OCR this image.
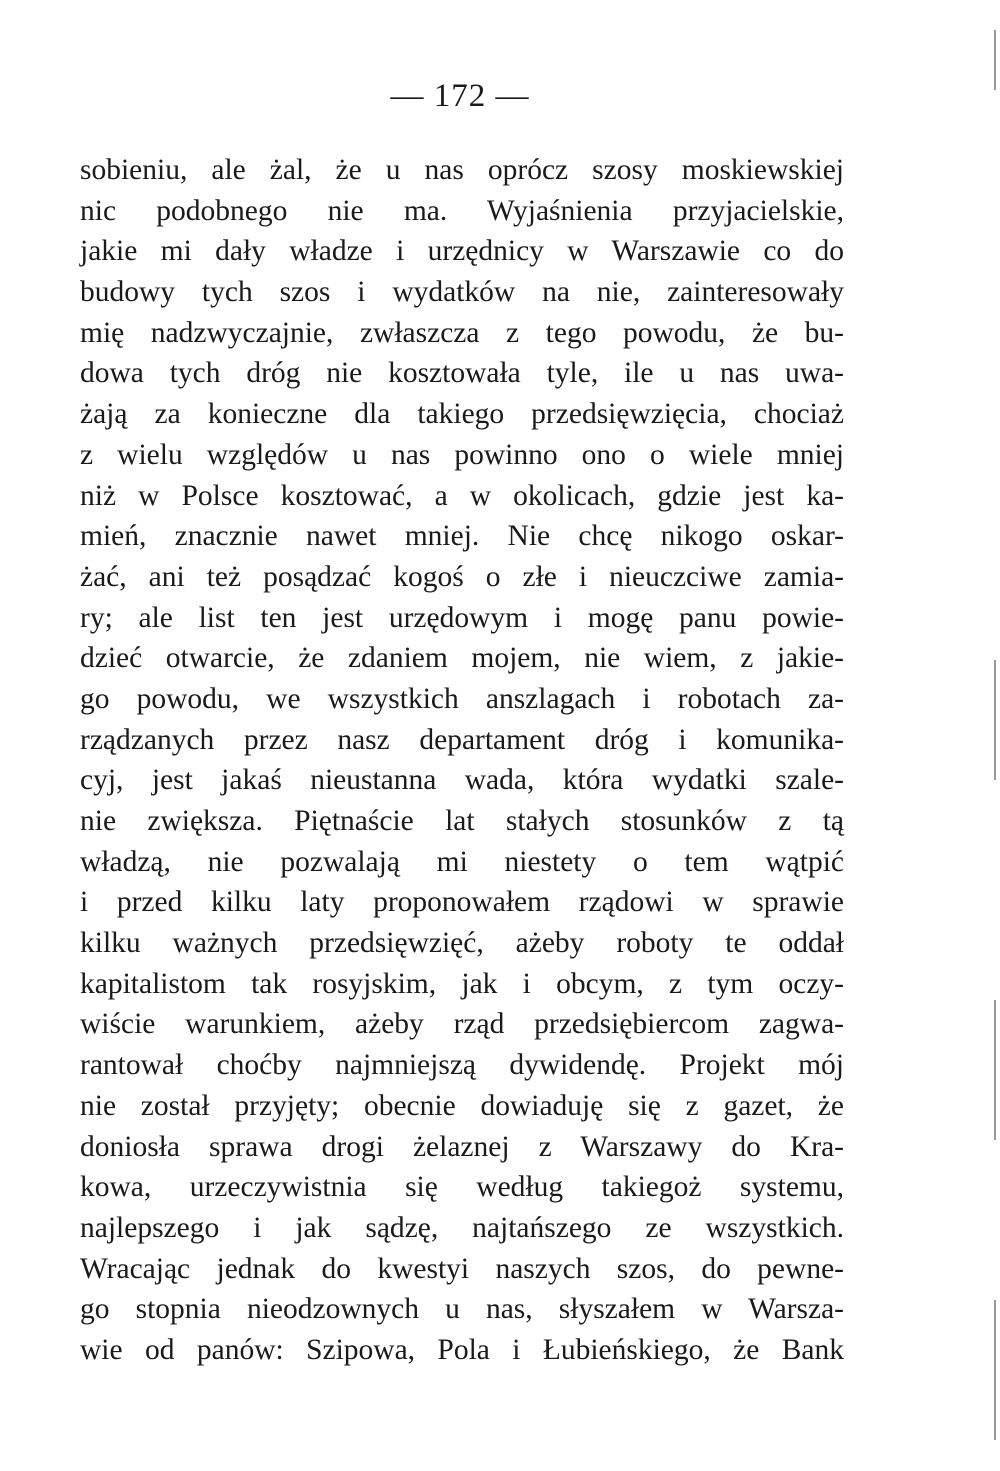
— 172 —
sobieniu, ale żal, że u nas oprócz szosy moskiewskiej
nic podobnego nie ma. Wyjaśnienia przyjacielskie,
jakie mi dały władze i urzędnicy w Warszawie co do
budowy tych szos i wydatków na nie, zainteresowały
mię nadzwyczajnie, zwłaszcza z tego powodu, że bu-
dowa tych dróg nie kosztowała tyle, ile u nas uwa-
żają za konieczne dla takiego przedsięwzięcia, chociaż
z wielu względów u nas powinno ono o wiele mniej
niż w Polsce kosztować, a w okolicach, gdzie jest ka-
mień, znacznie nawet mniej. Nie chcę nikogo oskar-
żać, ani też posądzać kogoś o złe i nieuczciwe zamia-
ry; ale list ten jest urzędowym i mogę panu powie-
dzieć otwarcie, że zdaniem mojem, nie wiem, z jakie-
go powodu, we wszystkich anszlagach i robotach za-
rządzanych przez nasz departament dróg i komunika-
cyj, jest jakaś nieustanna wada, która wydatki szale-
nie zwiększa. Piętnaście lat stałych stosunków z tą
władzą, nie pozwalają mi niestety o tem wątpić
i przed kilku laty proponowałem rządowi w sprawie
kilku ważnych przedsięwzięć, ażeby roboty te oddał
kapitalistom tak rosyjskim, jak i obcym, z tym oczy-
wiście warunkiem, ażeby rząd przedsiębiercom zagwa-
rantował choćby najmniejszą dywidendę. Projekt mój
nie został przyjęty; obecnie dowiaduję się z gazet, że
doniosła sprawa drogi żelaznej z Warszawy do Kra-
kowa, urzeczywistnia się według takiegoż systemu,
najlepszego i jak sądzę, najtańszego ze wszystkich.
Wracając jednak do kwestyi naszych szos, do pewne-
go stopnia nieodzownych u nas, słyszałem w Warsza-
wie od panów: Szipowa, Pola i Łubieńskiego, że Bank
